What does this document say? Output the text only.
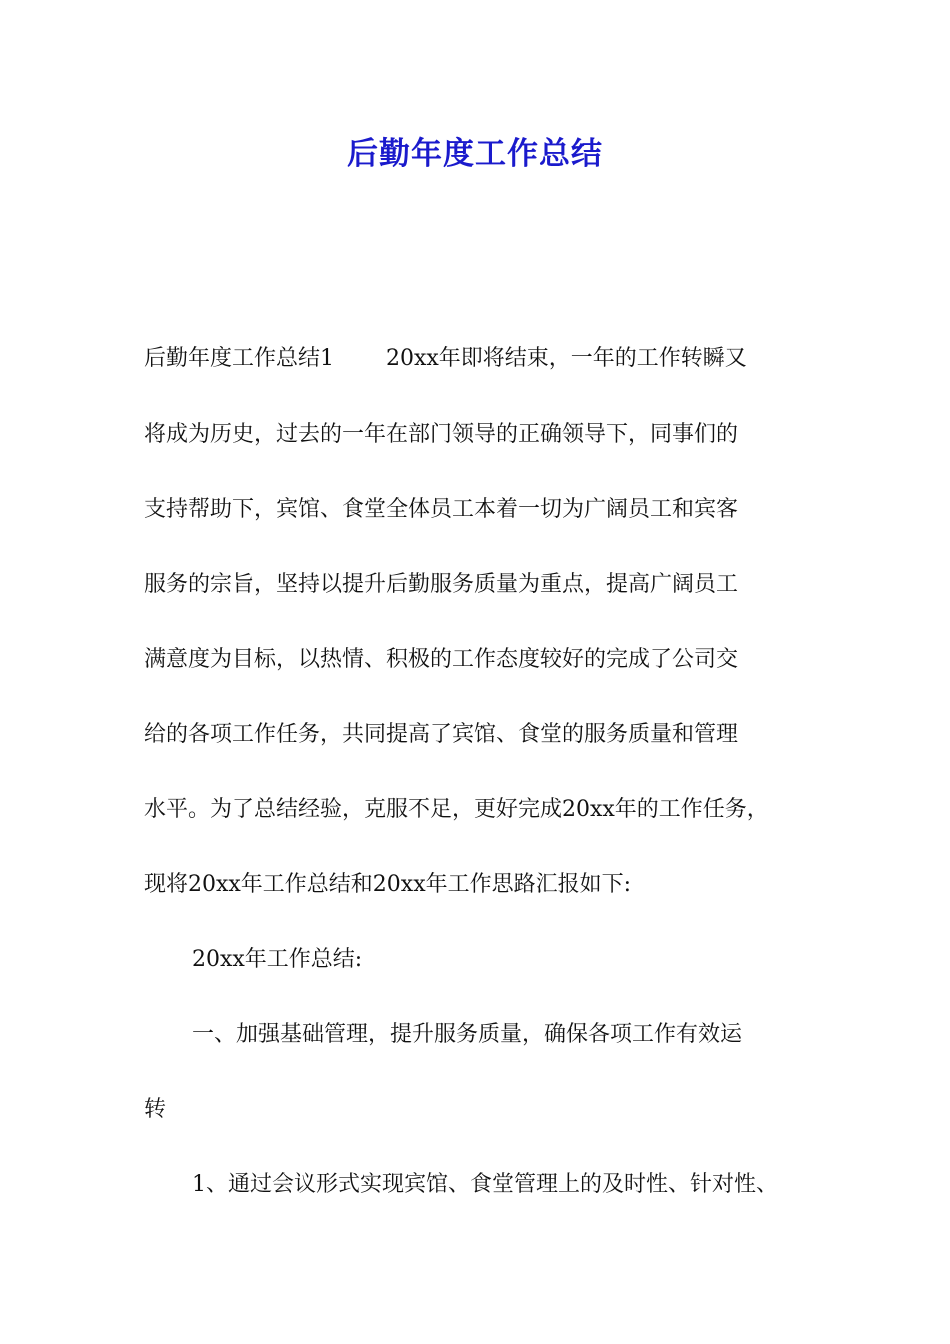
后勤年度工作总结
后勤年度工作总结1 20xx年即将结束，一年的工作转瞬又
将成为历史，过去的一年在部门领导的正确领导下，同事们的
支持帮助下，宾馆、食堂全体员工本着一切为广阔员工和宾客
服务的宗旨，坚持以提升后勤服务质量为重点，提高广阔员工
满意度为目标，以热情、积极的工作态度较好的完成了公司交
给的各项工作任务，共同提高了宾馆、食堂的服务质量和管理
水平。为了总结经验，克服不足，更好完成20xx年的工作任务，
现将20xx年工作总结和20xx年工作思路汇报如下:
20xx年工作总结:
一、加强基础管理，提升服务质量，确保各项工作有效运
转
1、通过会议形式实现宾馆、食堂管理上的及时性、针对性、
